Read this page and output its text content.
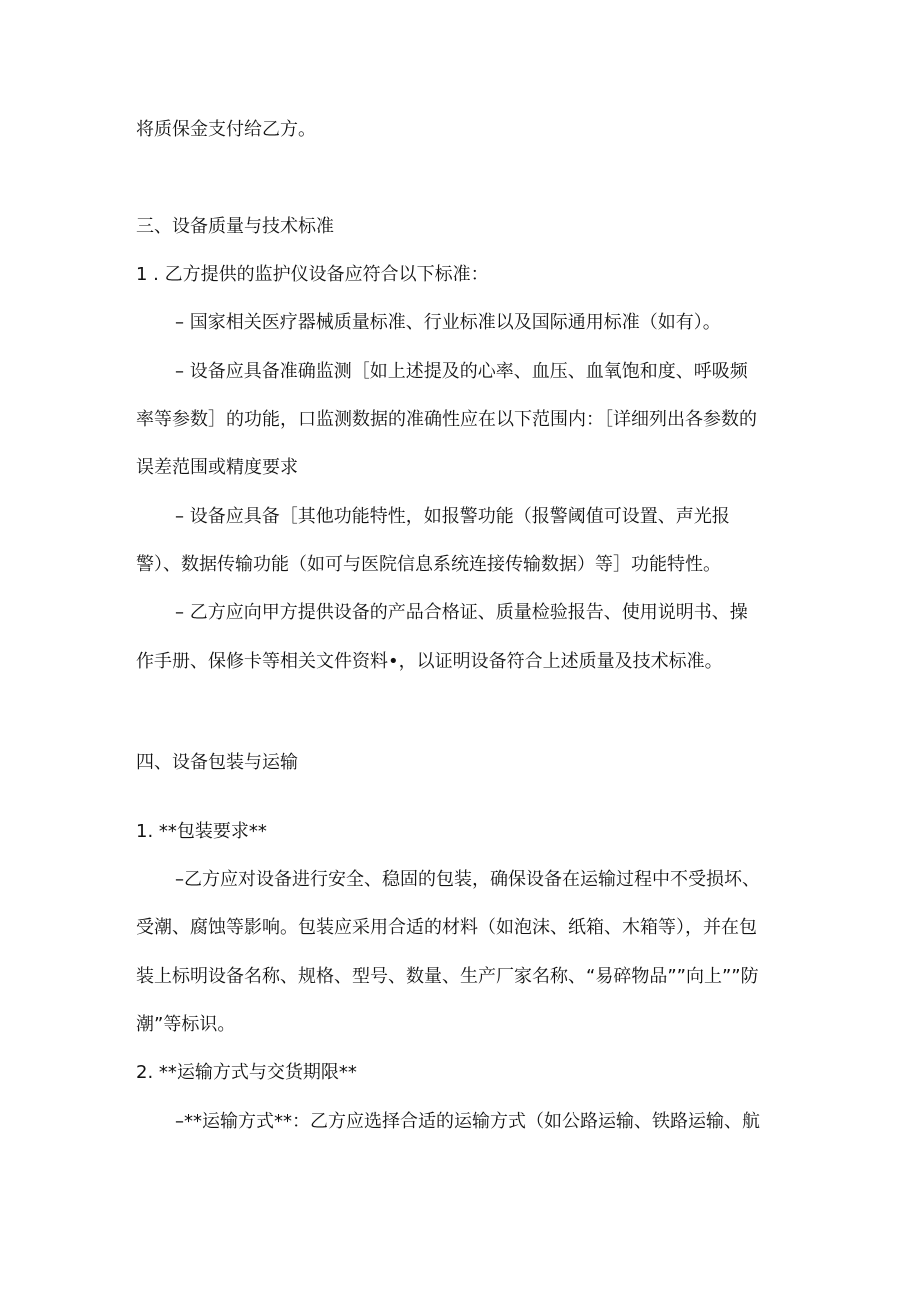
将质保金支付给乙方。
三、设备质量与技术标准
1 . 乙方提供的监护仪设备应符合以下标准：
– 国家相关医疗器械质量标准、行业标准以及国际通用标准（如有）。
– 设备应具备准确监测［如上述提及的心率、血压、血氧饱和度、呼吸频
率等参数］的功能，口监测数据的准确性应在以下范围内：［详细列出各参数的
误差范围或精度要求
– 设备应具备［其他功能特性，如报警功能（报警阈值可设置、声光报
警）、数据传输功能（如可与医院信息系统连接传输数据）等］功能特性。
– 乙方应向甲方提供设备的产品合格证、质量检验报告、使用说明书、操
作手册、保修卡等相关文件资料•，以证明设备符合上述质量及技术标准。
四、设备包装与运输
1. **包装要求**
–乙方应对设备进行安全、稳固的包装，确保设备在运输过程中不受损坏、
受潮、腐蚀等影响。包装应采用合适的材料（如泡沫、纸箱、木箱等），并在包
装上标明设备名称、规格、型号、数量、生产厂家名称、“易碎物品””向上””防
潮”等标识。
2. **运输方式与交货期限**
–**运输方式**：乙方应选择合适的运输方式（如公路运输、铁路运输、航
